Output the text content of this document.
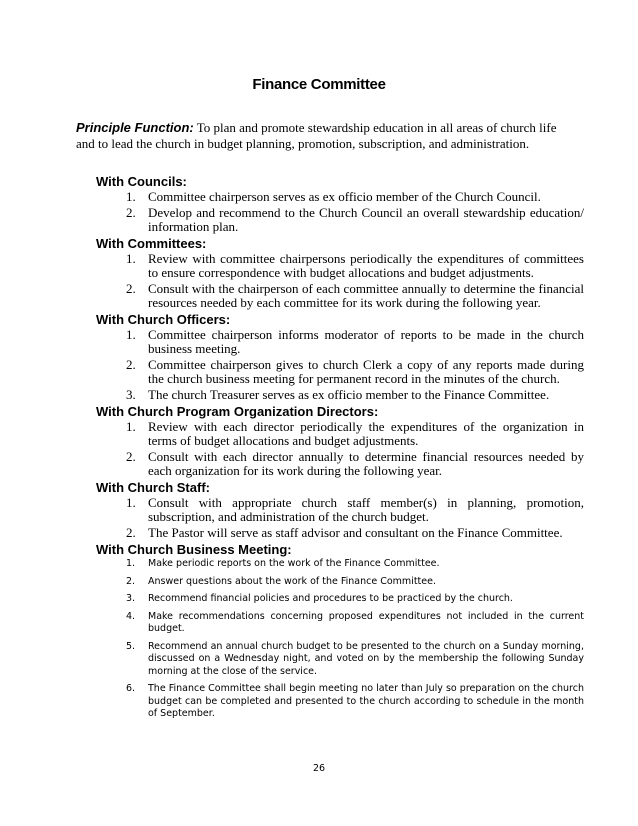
Finance Committee
Principle Function: To plan and promote stewardship education in all areas of church life and to lead the church in budget planning, promotion, subscription, and administration.
With Councils:
1. Committee chairperson serves as ex officio member of the Church Council.
2. Develop and recommend to the Church Council an overall stewardship education/ information plan.
With Committees:
1. Review with committee chairpersons periodically the expenditures of committees to ensure correspondence with budget allocations and budget adjustments.
2. Consult with the chairperson of each committee annually to determine the financial resources needed by each committee for its work during the following year.
With Church Officers:
1. Committee chairperson informs moderator of reports to be made in the church business meeting.
2. Committee chairperson gives to church Clerk a copy of any reports made during the church business meeting for permanent record in the minutes of the church.
3. The church Treasurer serves as ex officio member to the Finance Committee.
With Church Program Organization Directors:
1. Review with each director periodically the expenditures of the organization in terms of budget allocations and budget adjustments.
2. Consult with each director annually to determine financial resources needed by each organization for its work during the following year.
With Church Staff:
1. Consult with appropriate church staff member(s) in planning, promotion, subscription, and administration of the church budget.
2. The Pastor will serve as staff advisor and consultant on the Finance Committee.
With Church Business Meeting:
1.	Make periodic reports on the work of the Finance Committee.
2.	Answer questions about the work of the Finance Committee.
3.	Recommend financial policies and procedures to be practiced by the church.
4.	Make recommendations concerning proposed expenditures not included in the current budget.
5.	Recommend an annual church budget to be presented to the church on a Sunday morning, discussed on a Wednesday night, and voted on by the membership the following Sunday morning at the close of the service.
6.	The Finance Committee shall begin meeting no later than July so preparation on the church budget can be completed and presented to the church according to schedule in the month of September.
26
